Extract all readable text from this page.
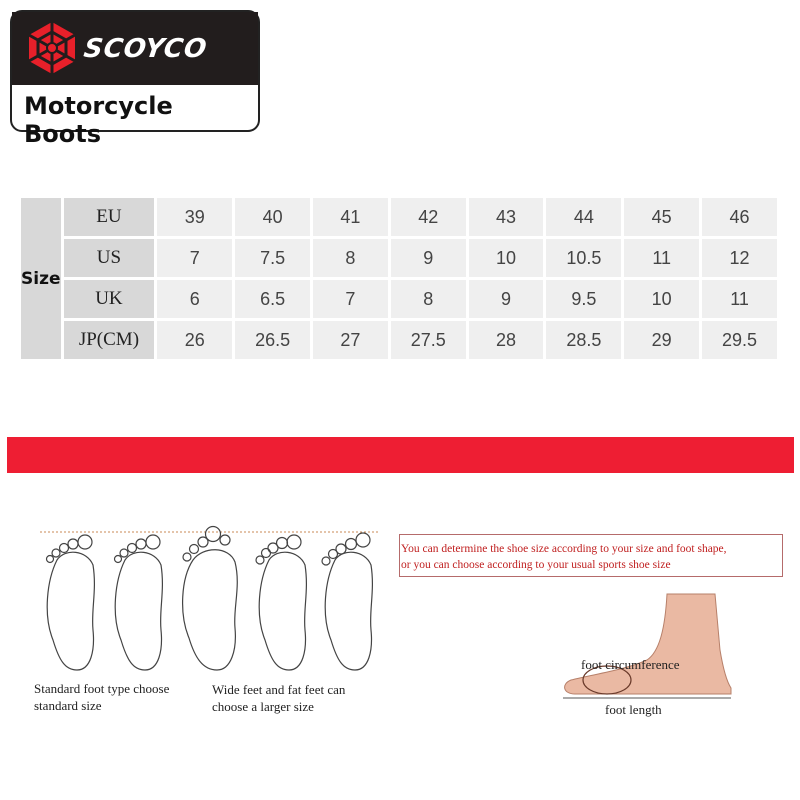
SCOYCO
Motorcycle Boots
Size	EU	39	40	41	42	43	44	45	46
	US	7	7.5	8	9	10	10.5	11	12
	UK	6	6.5	7	8	9	9.5	10	11
	JP(CM)	26	26.5	27	27.5	28	28.5	29	29.5
Standard foot type choose standard size
Wide feet and fat feet can choose a larger size
You can determine the shoe size according to your size and foot shape,
or you can choose according to your usual sports shoe size
foot circumference
foot length
